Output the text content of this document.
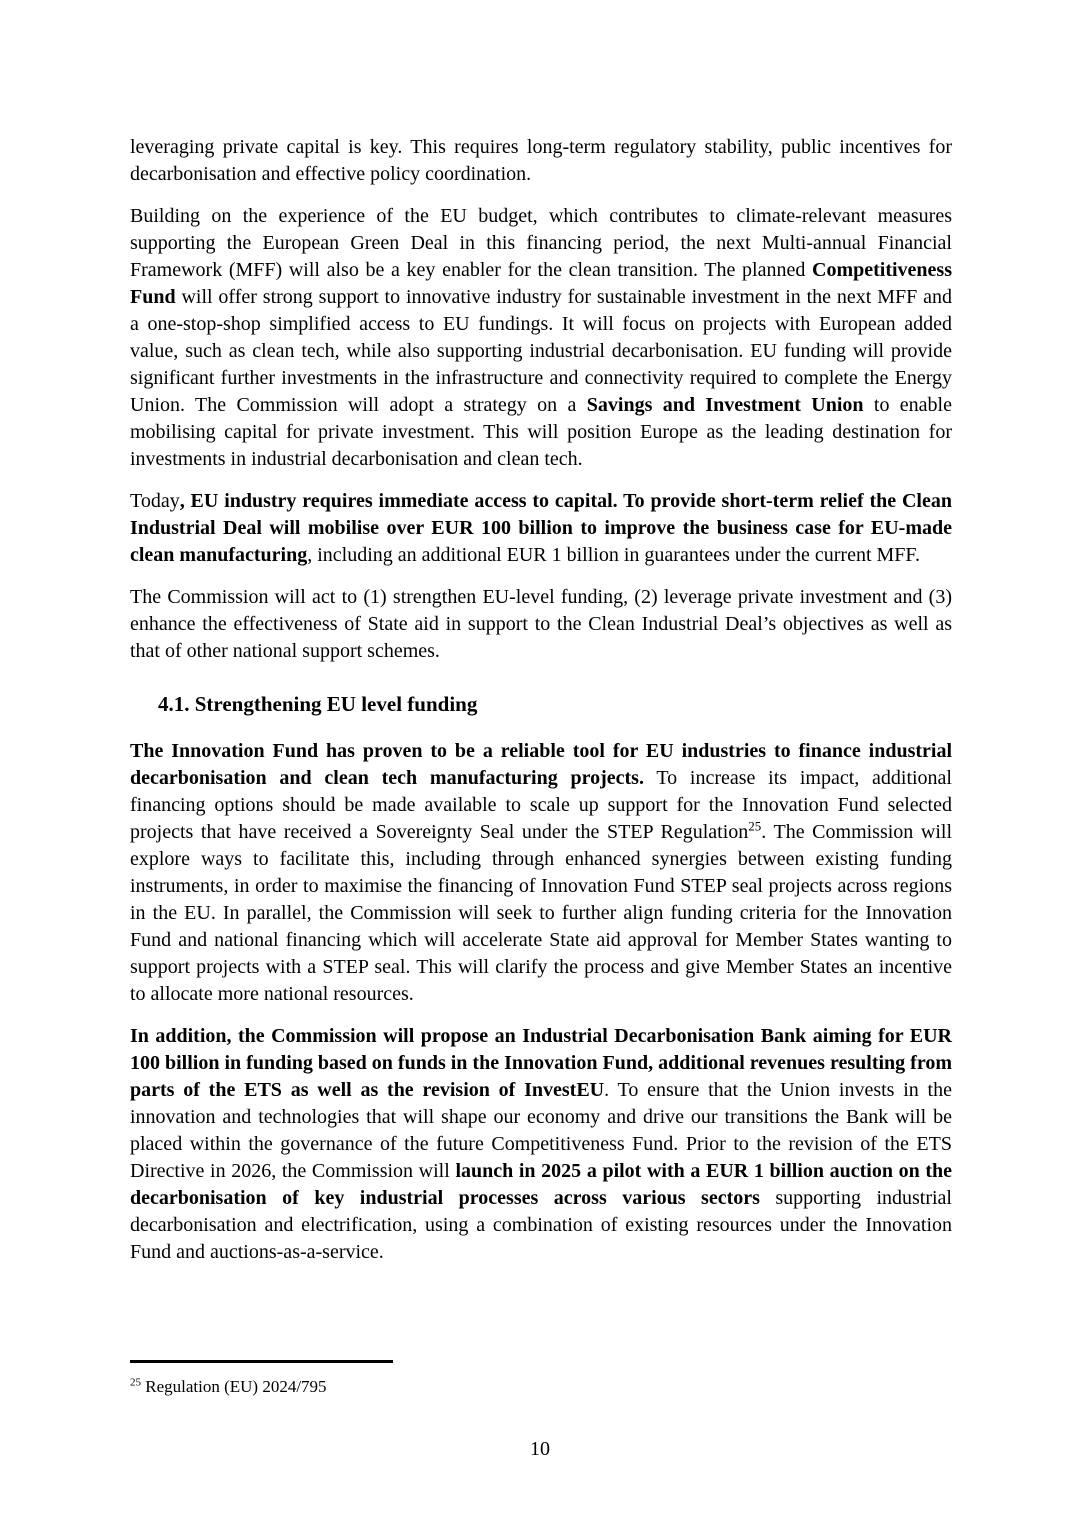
leveraging private capital is key. This requires long-term regulatory stability, public incentives for decarbonisation and effective policy coordination.

Building on the experience of the EU budget, which contributes to climate-relevant measures supporting the European Green Deal in this financing period, the next Multi-annual Financial Framework (MFF) will also be a key enabler for the clean transition. The planned Competitiveness Fund will offer strong support to innovative industry for sustainable investment in the next MFF and a one-stop-shop simplified access to EU fundings. It will focus on projects with European added value, such as clean tech, while also supporting industrial decarbonisation. EU funding will provide significant further investments in the infrastructure and connectivity required to complete the Energy Union. The Commission will adopt a strategy on a Savings and Investment Union to enable mobilising capital for private investment. This will position Europe as the leading destination for investments in industrial decarbonisation and clean tech.

Today, EU industry requires immediate access to capital. To provide short-term relief the Clean Industrial Deal will mobilise over EUR 100 billion to improve the business case for EU-made clean manufacturing, including an additional EUR 1 billion in guarantees under the current MFF.

The Commission will act to (1) strengthen EU-level funding, (2) leverage private investment and (3) enhance the effectiveness of State aid in support to the Clean Industrial Deal’s objectives as well as that of other national support schemes.

4.1. Strengthening EU level funding

The Innovation Fund has proven to be a reliable tool for EU industries to finance industrial decarbonisation and clean tech manufacturing projects. To increase its impact, additional financing options should be made available to scale up support for the Innovation Fund selected projects that have received a Sovereignty Seal under the STEP Regulation$^{25}$. The Commission will explore ways to facilitate this, including through enhanced synergies between existing funding instruments, in order to maximise the financing of Innovation Fund STEP seal projects across regions in the EU. In parallel, the Commission will seek to further align funding criteria for the Innovation Fund and national financing which will accelerate State aid approval for Member States wanting to support projects with a STEP seal. This will clarify the process and give Member States an incentive to allocate more national resources.

In addition, the Commission will propose an Industrial Decarbonisation Bank aiming for EUR 100 billion in funding based on funds in the Innovation Fund, additional revenues resulting from parts of the ETS as well as the revision of InvestEU. To ensure that the Union invests in the innovation and technologies that will shape our economy and drive our transitions the Bank will be placed within the governance of the future Competitiveness Fund. Prior to the revision of the ETS Directive in 2026, the Commission will launch in 2025 a pilot with a EUR 1 billion auction on the decarbonisation of key industrial processes across various sectors supporting industrial decarbonisation and electrification, using a combination of existing resources under the Innovation Fund and auctions-as-a-service.

$^{25}$ Regulation (EU) 2024/795

10
